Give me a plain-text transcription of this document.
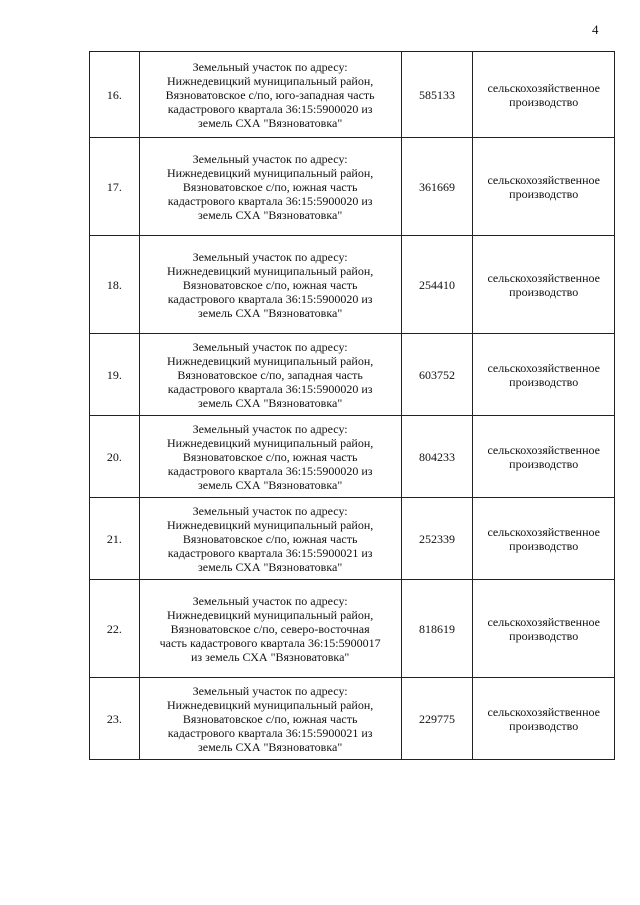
4
16.	Земельный участок по адресу:
Нижнедевицкий муниципальный район,
Вязноватовское с/по, юго-западная часть
кадастрового квартала 36:15:5900020 из
земель СХА "Вязноватовка"	585133	сельскохозяйственное
производство

17.	Земельный участок по адресу:
Нижнедевицкий муниципальный район,
Вязноватовское с/по, южная часть
кадастрового квартала 36:15:5900020 из
земель СХА "Вязноватовка"	361669	сельскохозяйственное
производство

18.	Земельный участок по адресу:
Нижнедевицкий муниципальный район,
Вязноватовское с/по, южная часть
кадастрового квартала 36:15:5900020 из
земель СХА "Вязноватовка"	254410	сельскохозяйственное
производство

19.	Земельный участок по адресу:
Нижнедевицкий муниципальный район,
Вязноватовское с/по, западная часть
кадастрового квартала 36:15:5900020 из
земель СХА "Вязноватовка"	603752	сельскохозяйственное
производство

20.	Земельный участок по адресу:
Нижнедевицкий муниципальный район,
Вязноватовское с/по, южная часть
кадастрового квартала 36:15:5900020 из
земель СХА "Вязноватовка"	804233	сельскохозяйственное
производство

21.	Земельный участок по адресу:
Нижнедевицкий муниципальный район,
Вязноватовское с/по, южная часть
кадастрового квартала 36:15:5900021 из
земель СХА "Вязноватовка"	252339	сельскохозяйственное
производство

22.	Земельный участок по адресу:
Нижнедевицкий муниципальный район,
Вязноватовское с/по, северо-восточная
часть кадастрового квартала 36:15:5900017
из земель СХА "Вязноватовка"	818619	сельскохозяйственное
производство

23.	Земельный участок по адресу:
Нижнедевицкий муниципальный район,
Вязноватовское с/по, южная часть
кадастрового квартала 36:15:5900021 из
земель СХА "Вязноватовка"	229775	сельскохозяйственное
производство
